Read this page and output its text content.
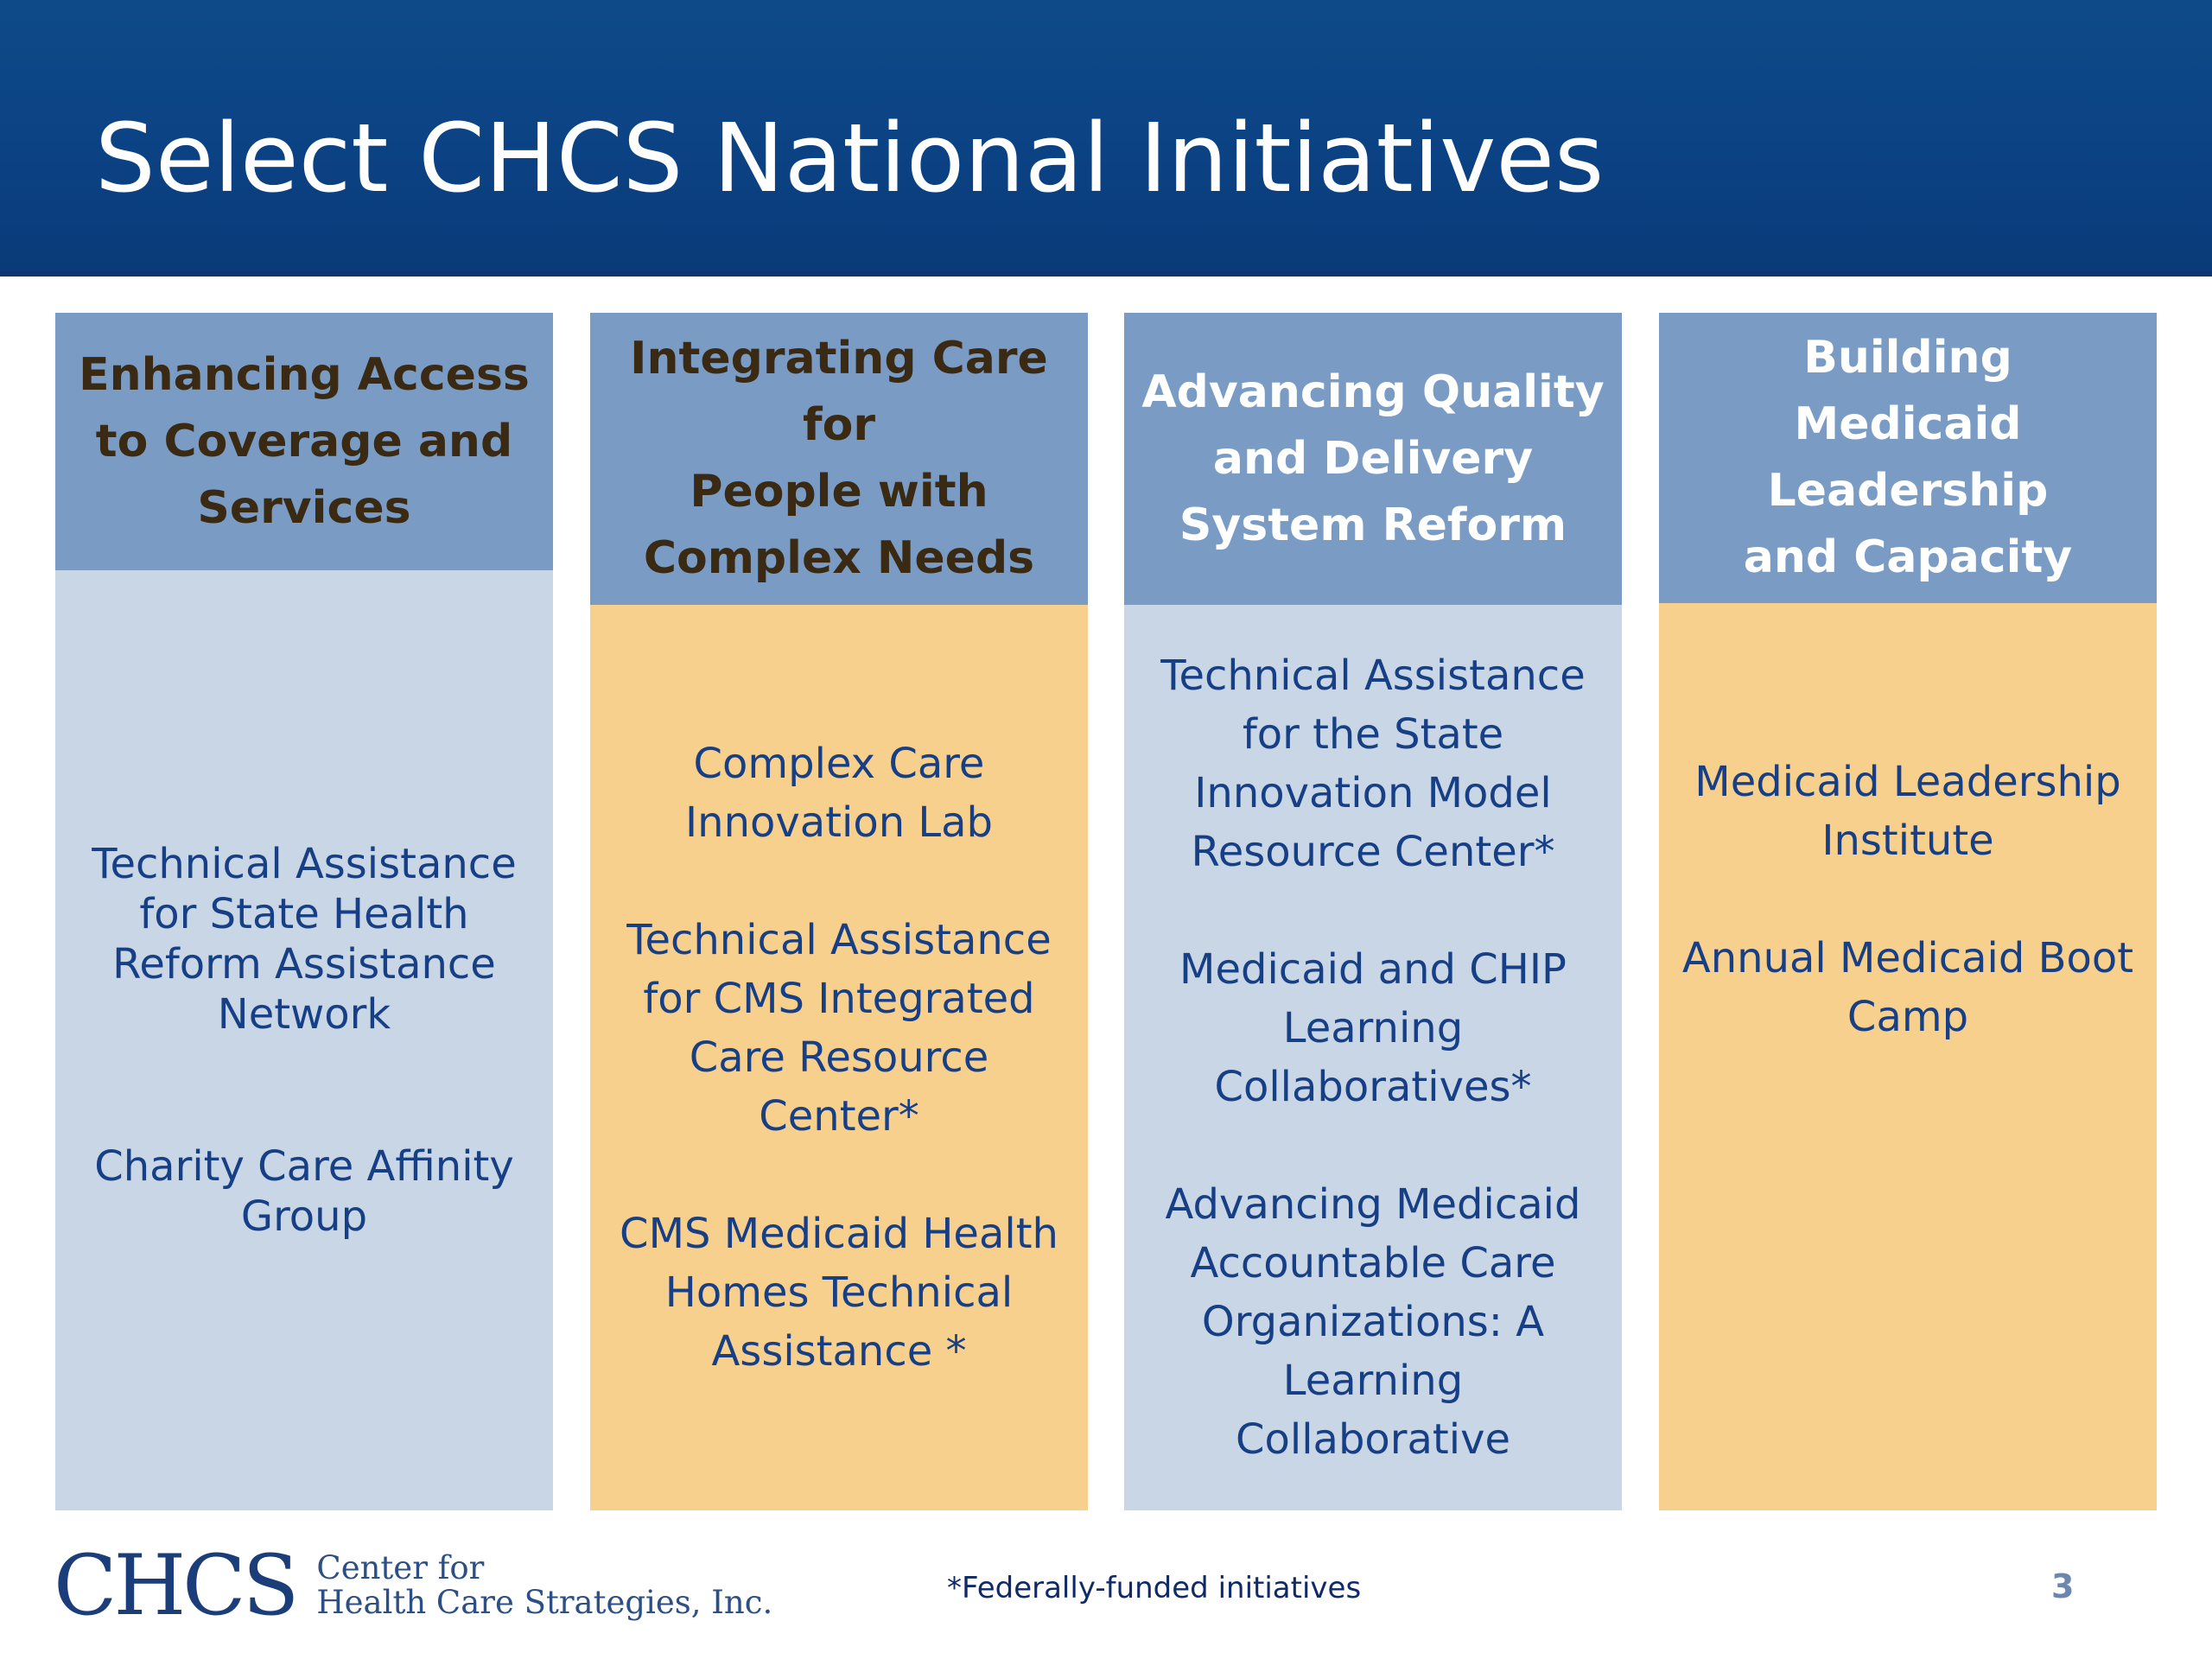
Select CHCS National Initiatives
Enhancing Access
to Coverage and
Services
Technical Assistance
for State Health
Reform Assistance
Network
Charity Care Affinity
Group
Integrating Care for
People with
Complex Needs
Complex Care
Innovation Lab
Technical Assistance
for CMS Integrated
Care Resource
Center*
CMS Medicaid Health
Homes Technical
Assistance *
Advancing Quality
and Delivery
System Reform
Technical Assistance
for the State
Innovation Model
Resource Center*
Medicaid and CHIP
Learning
Collaboratives*
Advancing Medicaid
Accountable Care
Organizations: A
Learning Collaborative
Building
Medicaid
Leadership
and Capacity
Medicaid Leadership
Institute
Annual Medicaid Boot
Camp
CHCS Center for
Health Care Strategies, Inc.	*Federally-funded initiatives	3
